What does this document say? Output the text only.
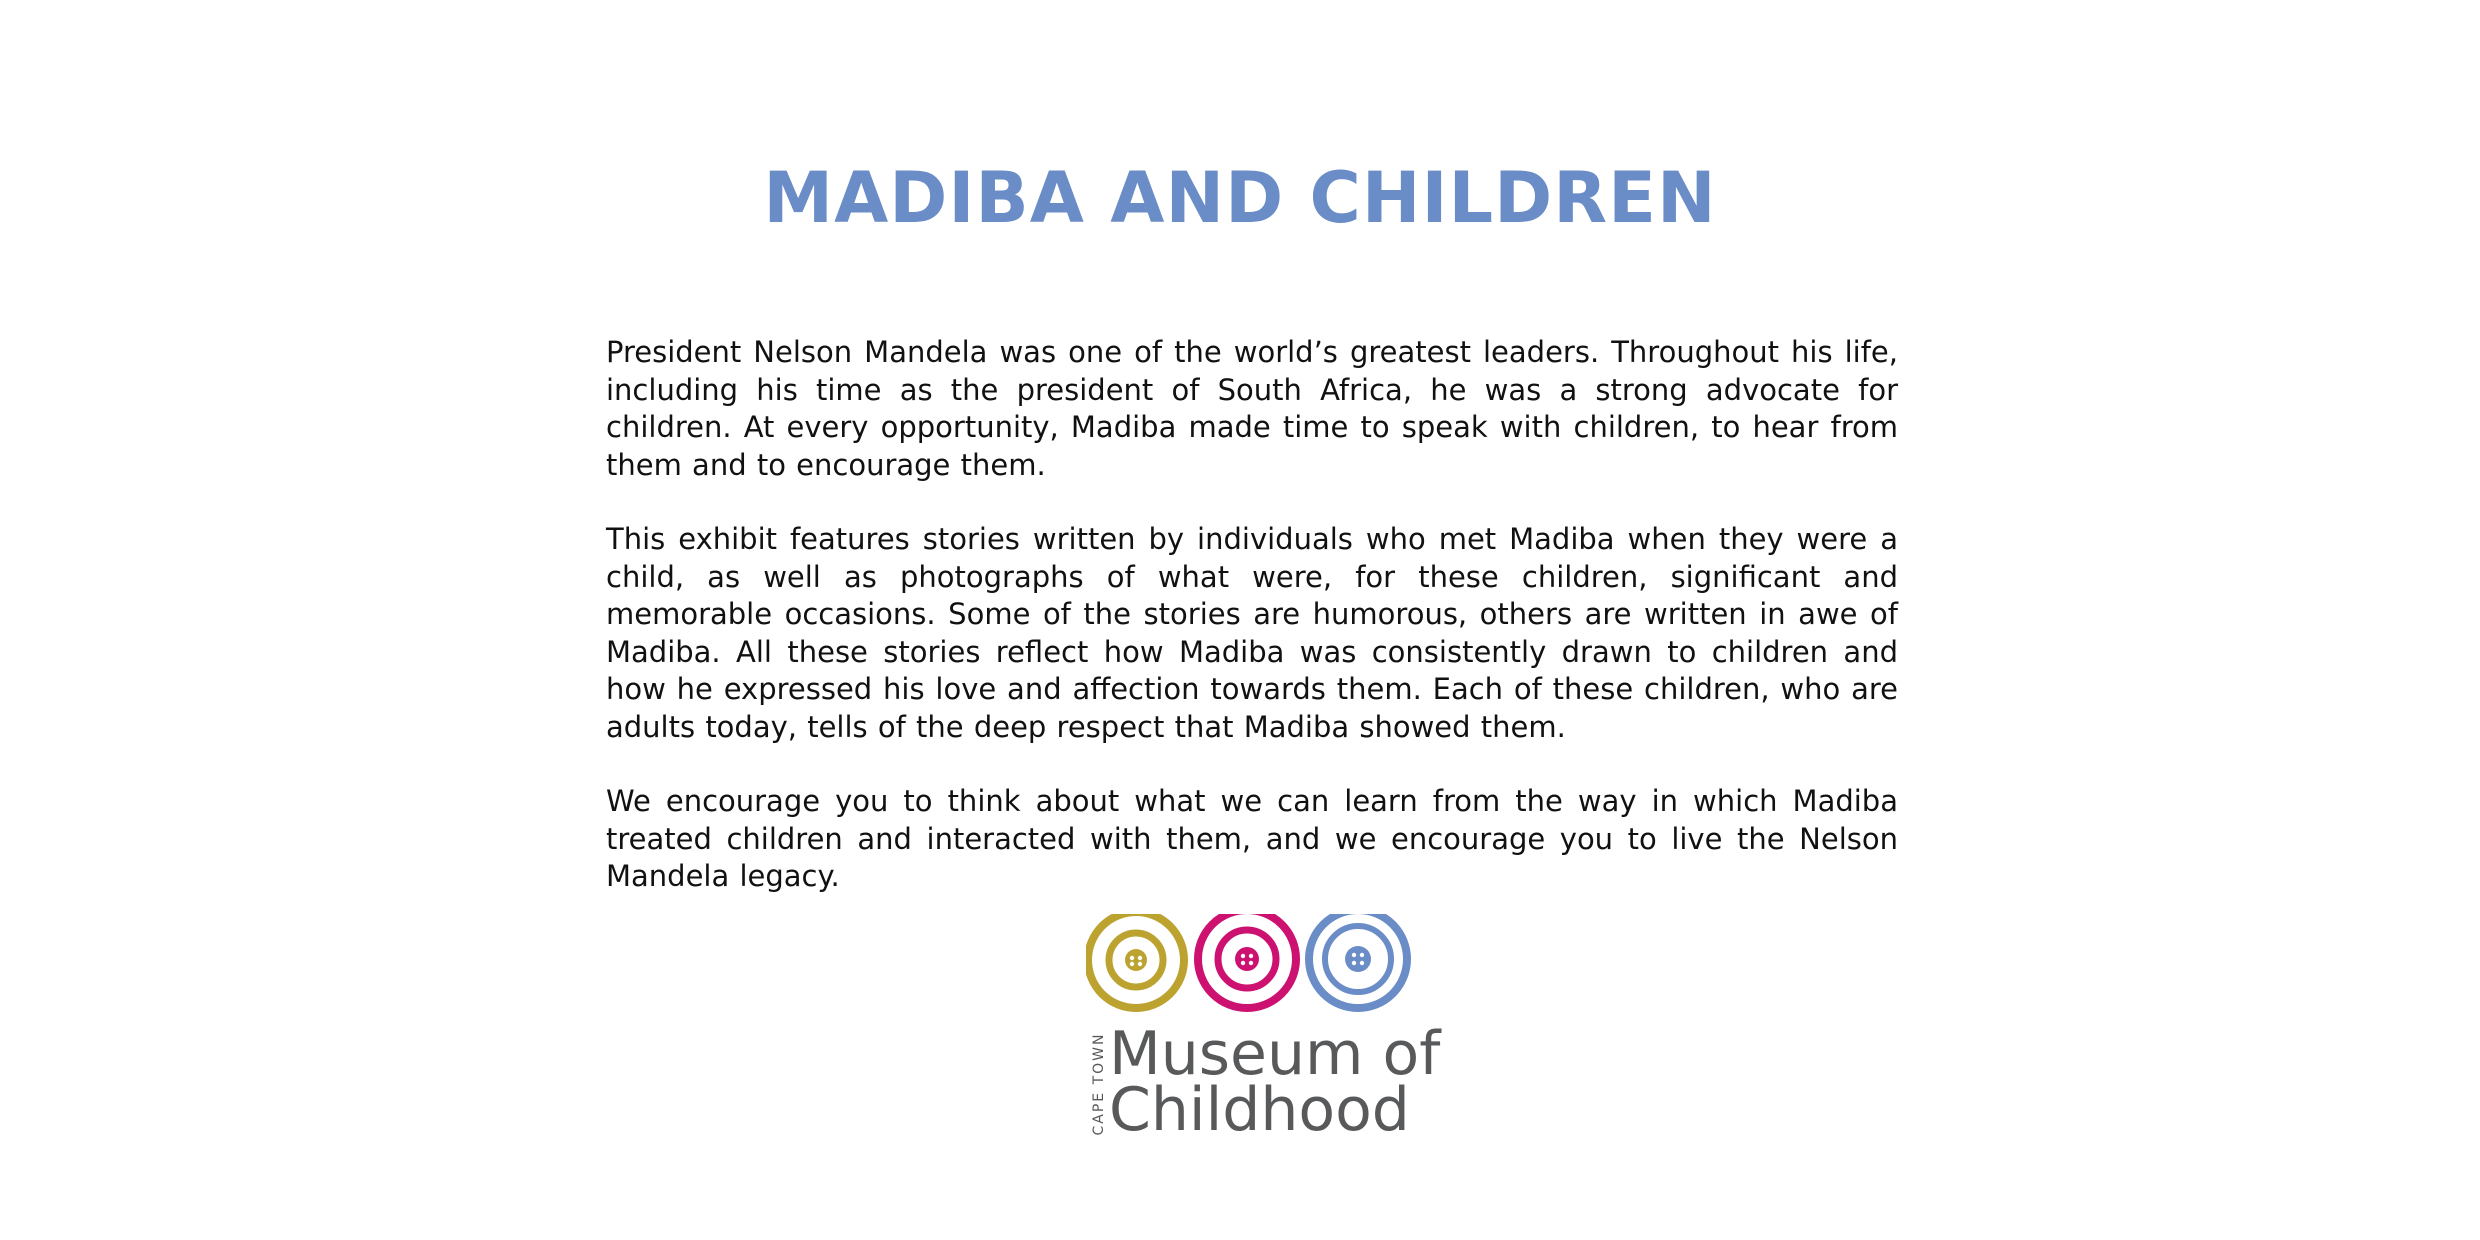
MADIBA AND CHILDREN

President Nelson Mandela was one of the world’s greatest leaders. Throughout his life, including his time as the president of South Africa, he was a strong advocate for children. At every opportunity, Madiba made time to speak with children, to hear from them and to encourage them.

This exhibit features stories written by individuals who met Madiba when they were a child, as well as photographs of what were, for these children, significant and memorable occasions. Some of the stories are humorous, others are written in awe of Madiba. All these stories reflect how Madiba was consistently drawn to children and how he expressed his love and affection towards them. Each of these children, who are adults today, tells of the deep respect that Madiba showed them.

We encourage you to think about what we can learn from the way in which Madiba treated children and interacted with them, and we encourage you to live the Nelson Mandela legacy.

CAPE TOWN Museum of
Childhood
